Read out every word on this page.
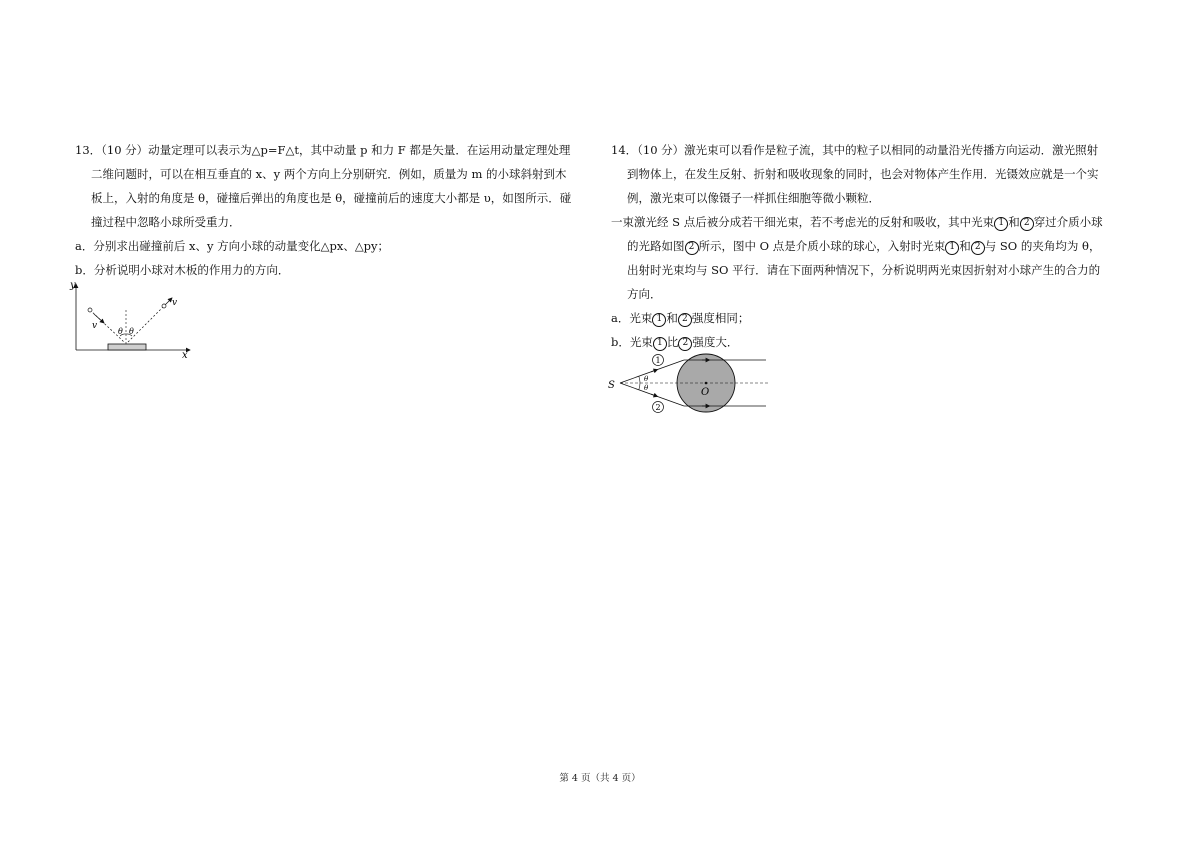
13．（10 分）动量定理可以表示为△p=F△t，其中动量 p 和力 F 都是矢量．在运用动量定理处理

二维问题时，可以在相互垂直的 x、y 两个方向上分别研究．例如，质量为 m 的小球斜射到木

板上，入射的角度是 θ，碰撞后弹出的角度也是 θ，碰撞前后的速度大小都是 υ，如图所示．碰

撞过程中忽略小球所受重力．

a．分别求出碰撞前后 x、y 方向小球的动量变化△px、△py；

b．分析说明小球对木板的作用力的方向．

y
x
v
v
θ θ

14．（10 分）激光束可以看作是粒子流，其中的粒子以相同的动量沿光传播方向运动．激光照射

到物体上，在发生反射、折射和吸收现象的同时，也会对物体产生作用．光镊效应就是一个实

例，激光束可以像镊子一样抓住细胞等微小颗粒．

一束激光经 S 点后被分成若干细光束，若不考虑光的反射和吸收，其中光束 1 和 2 穿过介质小球

的光路如图 2 所示，图中 O 点是介质小球的球心，入射时光束 1 和 2 与 SO 的夹角均为 θ，

出射时光束均与 SO 平行．请在下面两种情况下，分析说明两光束因折射对小球产生的合力的

方向．

a．光束 1 和 2 强度相同；

b．光束 1 比 2 强度大．

S
O
θ
θ
1
2
第 4 页（共 4 页）
